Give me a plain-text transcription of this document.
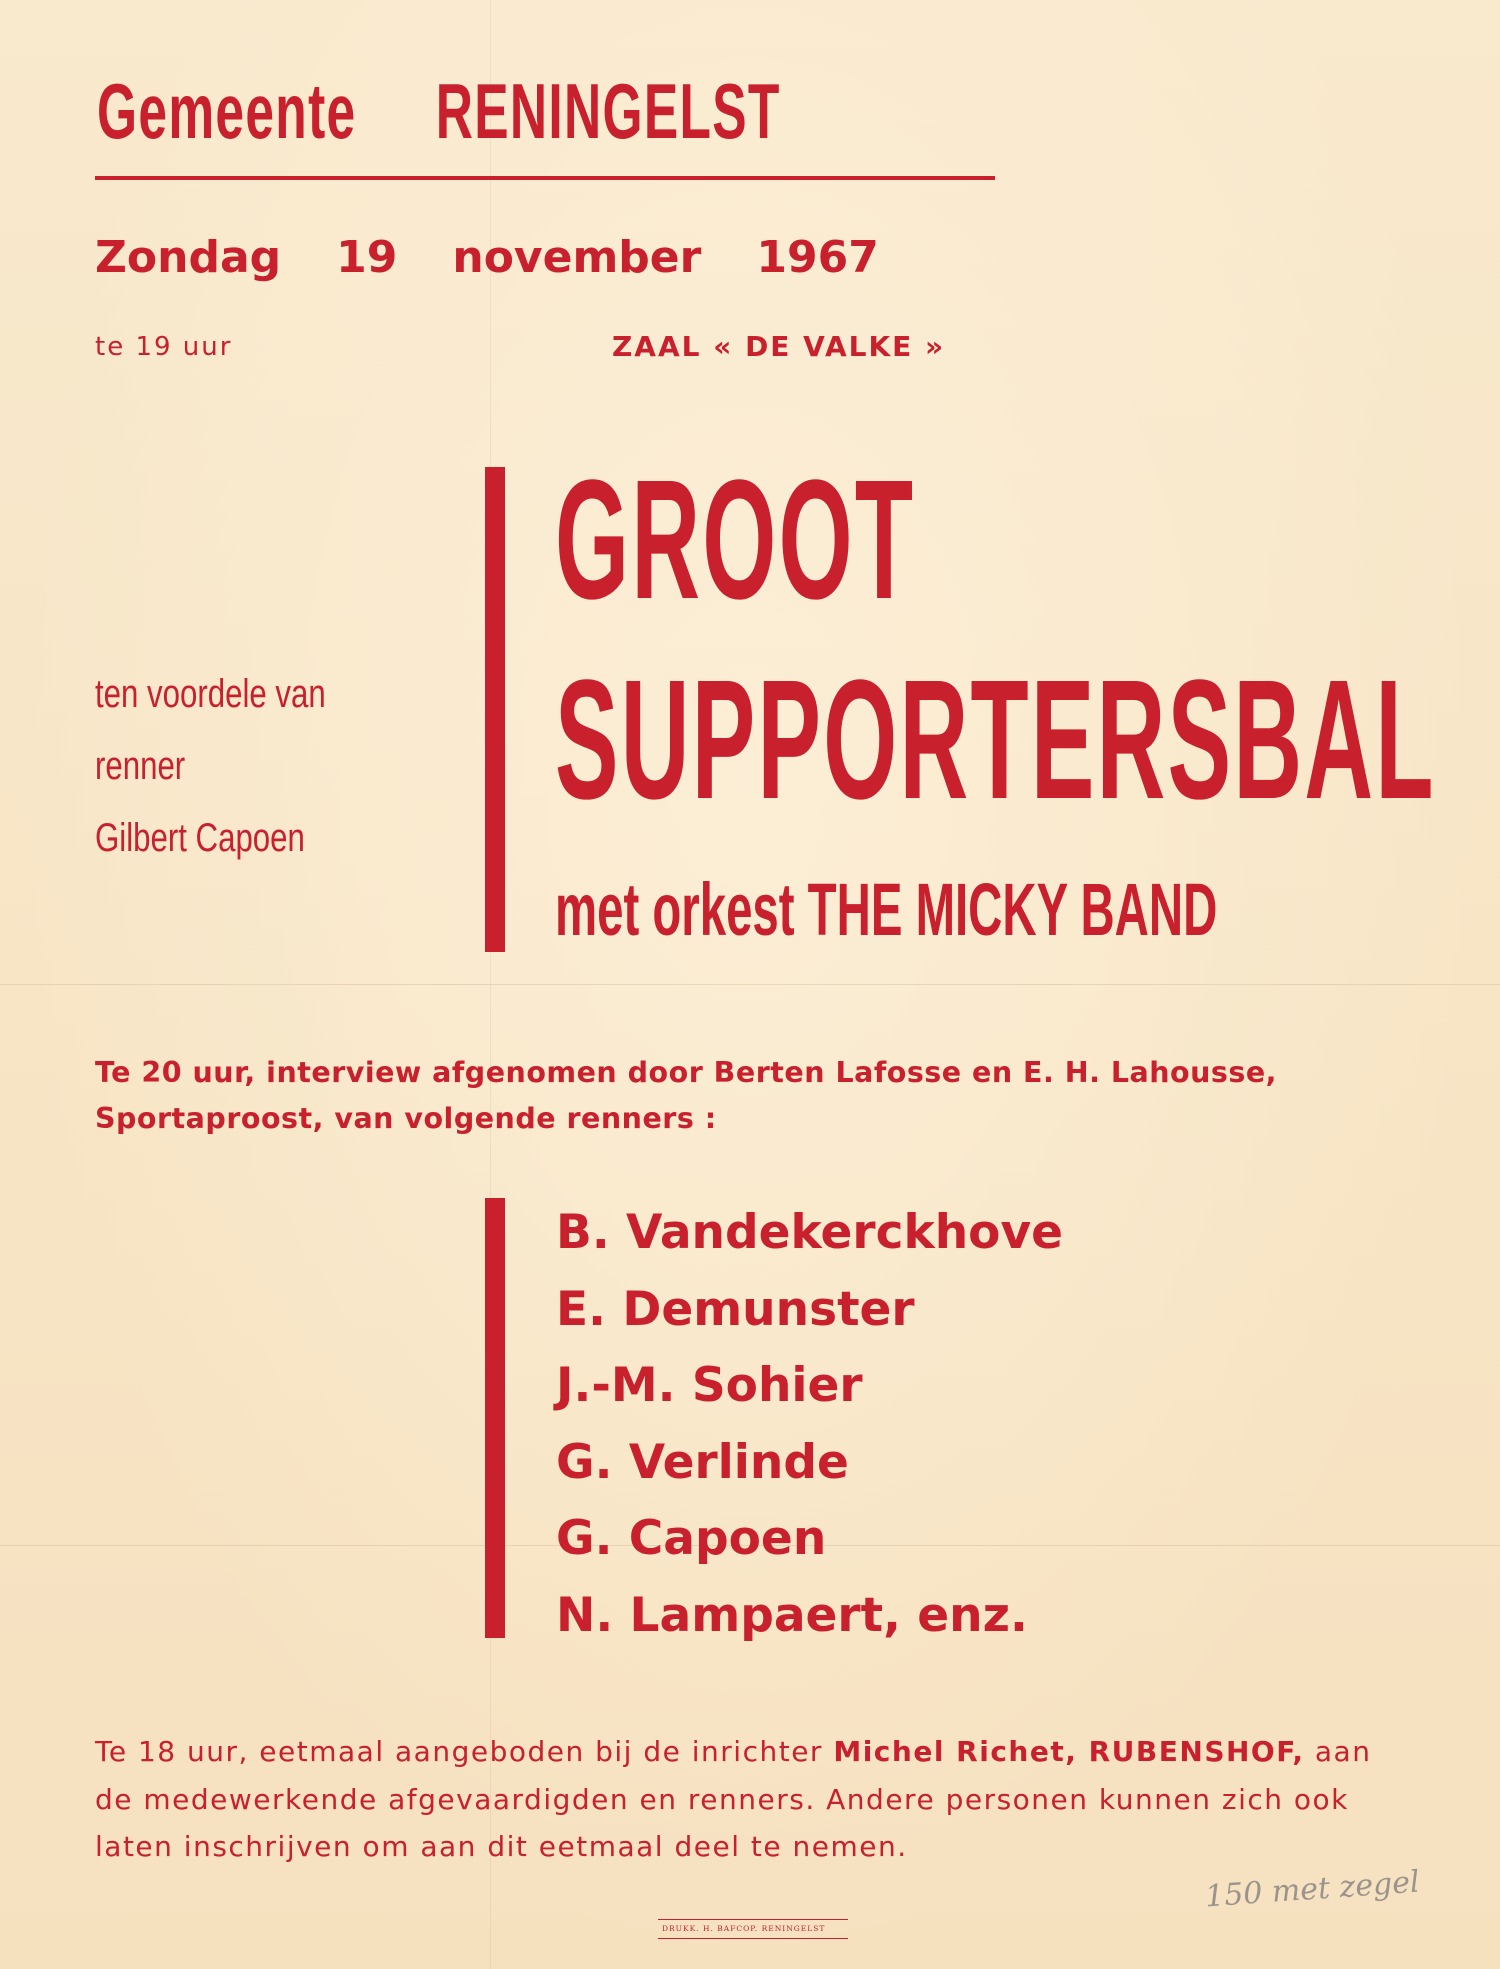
Gemeente RENINGELST
Zondag 19 november 1967
te 19 uur	ZAAL « DE VALKE »
ten voordele van
renner
Gilbert Capoen
GROOT
SUPPORTERSBAL
met orkest THE MICKY BAND
Te 20 uur, interview afgenomen door Berten Lafosse en E. H. Lahousse,
Sportaproost, van volgende renners :
B. Vandekerckhove
E. Demunster
J.-M. Sohier
G. Verlinde
G. Capoen
N. Lampaert, enz.
Te 18 uur, eetmaal aangeboden bij de inrichter Michel Richet, RUBENSHOF, aan de medewerkende afgevaardigden en renners. Andere personen kunnen zich ook laten inschrijven om aan dit eetmaal deel te nemen.
150 met zegel
DRUKK. H. BAFCOP. RENINGELST
